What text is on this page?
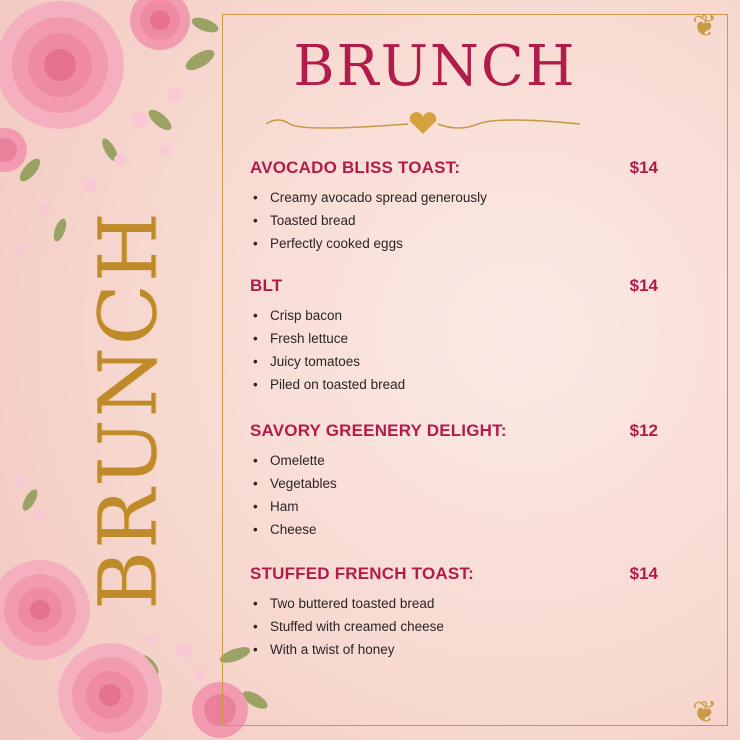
❦
❦
BRUNCH
BRUNCH
AVOCADO BLISS TOAST:	$14
• Creamy avocado spread generously
• Toasted bread
• Perfectly cooked eggs
BLT	$14
• Crisp bacon
• Fresh lettuce
• Juicy tomatoes
• Piled on toasted bread
SAVORY GREENERY DELIGHT:	$12
• Omelette
• Vegetables
• Ham
• Cheese
STUFFED FRENCH TOAST:	$14
• Two buttered toasted bread
• Stuffed with creamed cheese
• With a twist of honey
